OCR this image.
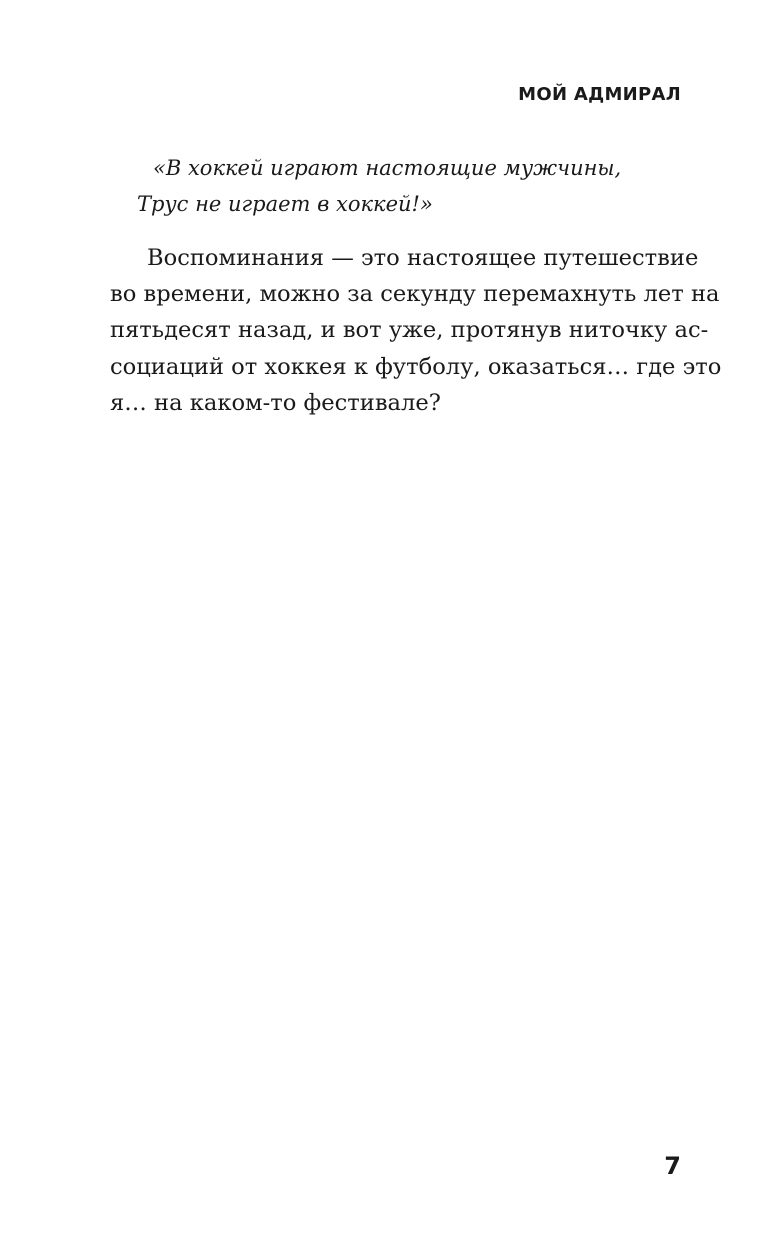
МОЙ АДМИРАЛ
«В хоккей играют настоящие мужчины,
Трус не играет в хоккей!»
Воспоминания — это настоящее путешествие
во времени, можно за секунду перемахнуть лет на
пятьдесят назад, и вот уже, протянув ниточку ас-
социаций от хоккея к футболу, оказаться… где это
я… на каком-то фестивале?
7
